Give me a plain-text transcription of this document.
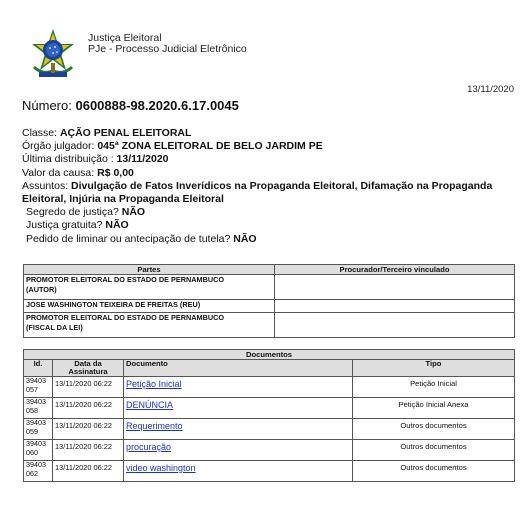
Justiça Eleitoral
PJe - Processo Judicial Eletrônico
13/11/2020
Número: 0600888-98.2020.6.17.0045
Classe: AÇÃO PENAL ELEITORAL
Órgão julgador: 045ª ZONA ELEITORAL DE BELO JARDIM PE
Última distribuição : 13/11/2020
Valor da causa: R$ 0,00
Assuntos: Divulgação de Fatos Inverídicos na Propaganda Eleitoral, Difamação na Propaganda Eleitoral, Injúria na Propaganda Eleitoral
Segredo de justiça? NÃO
Justiça gratuita? NÃO
Pedido de liminar ou antecipação de tutela? NÃO
Partes	Procurador/Terceiro vinculado
PROMOTOR ELEITORAL DO ESTADO DE PERNAMBUCO
(AUTOR)	
JOSE WASHINGTON TEIXEIRA DE FREITAS (REU)	
PROMOTOR ELEITORAL DO ESTADO DE PERNAMBUCO
(FISCAL DA LEI)	
Documentos			
Id.	Data da
Assinatura	Documento	Tipo
39403
057	13/11/2020 06:22	Petição Inicial	Petição Inicial
39403
058	13/11/2020 06:22	DENÚNCIA	Petição Inicial Anexa
39403
059	13/11/2020 06:22	Requerimento	Outros documentos
39403
060	13/11/2020 06:22	procuração	Outros documentos
39403
062	13/11/2020 06:22	video washington	Outros documentos
